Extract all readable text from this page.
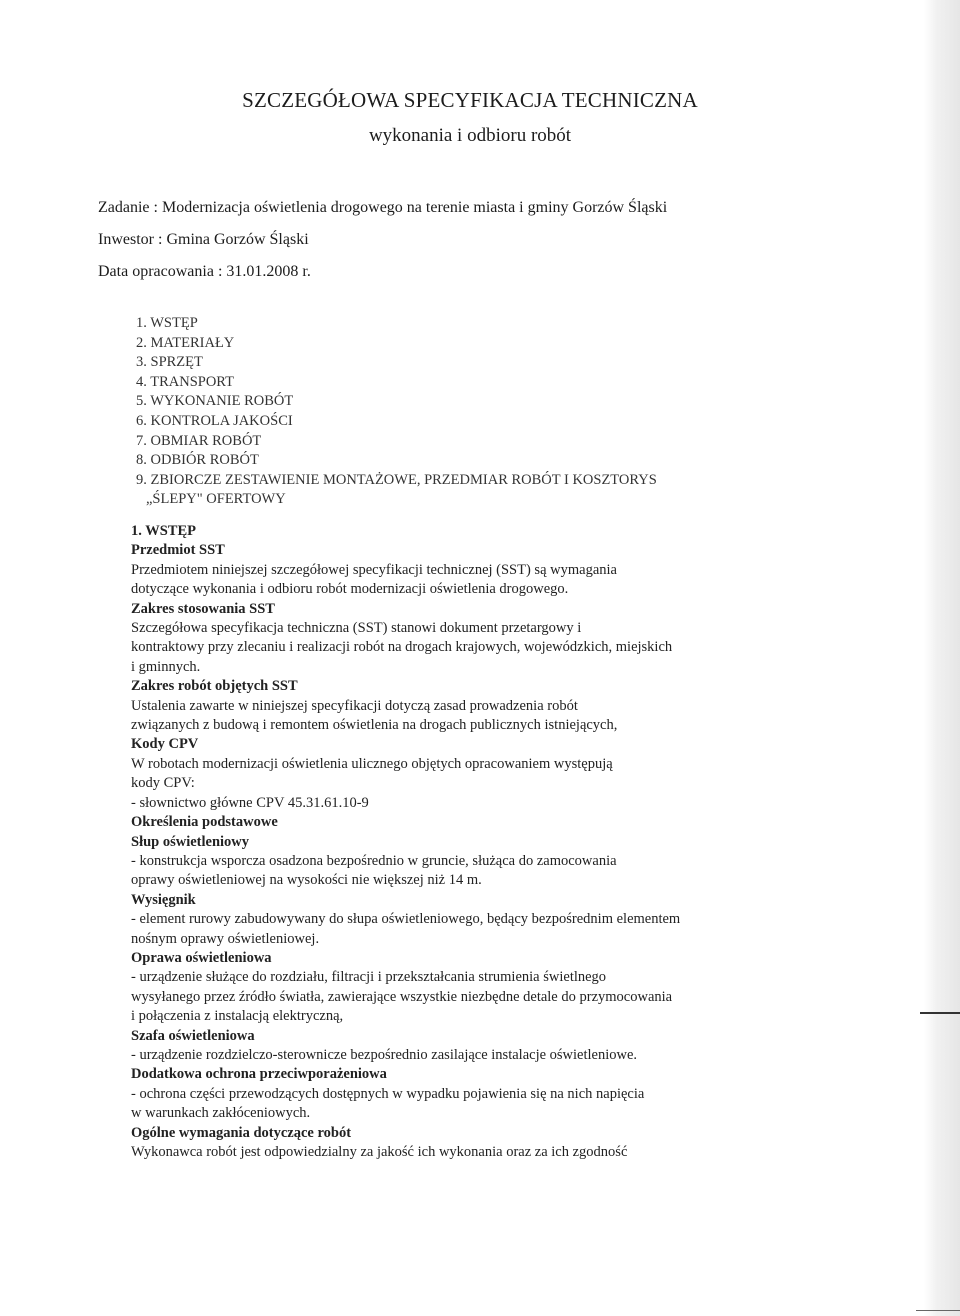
SZCZEGÓŁOWA SPECYFIKACJA TECHNICZNA
wykonania i odbioru robót
Zadanie : Modernizacja oświetlenia drogowego na terenie miasta i gminy Gorzów Śląski
Inwestor : Gmina Gorzów Śląski
Data opracowania : 31.01.2008 r.
1. WSTĘP
2. MATERIAŁY
3. SPRZĘT
4. TRANSPORT
5. WYKONANIE ROBÓT
6. KONTROLA JAKOŚCI
7. OBMIAR ROBÓT
8. ODBIÓR ROBÓT
9. ZBIORCZE ZESTAWIENIE MONTAŻOWE, PRZEDMIAR ROBÓT I KOSZTORYS
„ŚLEPY" OFERTOWY
1. WSTĘP
Przedmiot SST
Przedmiotem niniejszej szczegółowej specyfikacji technicznej (SST) są wymagania
dotyczące wykonania i odbioru robót modernizacji oświetlenia drogowego.
Zakres stosowania SST
Szczegółowa specyfikacja techniczna (SST) stanowi dokument przetargowy i
kontraktowy przy zlecaniu i realizacji robót na drogach krajowych, wojewódzkich, miejskich
i gminnych.
Zakres robót objętych SST
Ustalenia zawarte w niniejszej specyfikacji dotyczą zasad prowadzenia robót
związanych z budową i remontem oświetlenia na drogach publicznych istniejących,
Kody CPV
W robotach modernizacji oświetlenia ulicznego objętych opracowaniem występują
kody CPV:
- słownictwo główne CPV 45.31.61.10-9
Określenia podstawowe
Słup oświetleniowy
- konstrukcja wsporcza osadzona bezpośrednio w gruncie, służąca do zamocowania
oprawy oświetleniowej na wysokości nie większej niż 14 m.
Wysięgnik
- element rurowy zabudowywany do słupa oświetleniowego, będący bezpośrednim elementem
nośnym oprawy oświetleniowej.
Oprawa oświetleniowa
- urządzenie służące do rozdziału, filtracji i przekształcania strumienia świetlnego
wysyłanego przez źródło światła, zawierające wszystkie niezbędne detale do przymocowania
i połączenia z instalacją elektryczną,
Szafa oświetleniowa
- urządzenie rozdzielczo-sterownicze bezpośrednio zasilające instalacje oświetleniowe.
Dodatkowa ochrona przeciwporażeniowa
- ochrona części przewodzących dostępnych w wypadku pojawienia się na nich napięcia
w warunkach zakłóceniowych.
Ogólne wymagania dotyczące robót
Wykonawca robót jest odpowiedzialny za jakość ich wykonania oraz za ich zgodność
